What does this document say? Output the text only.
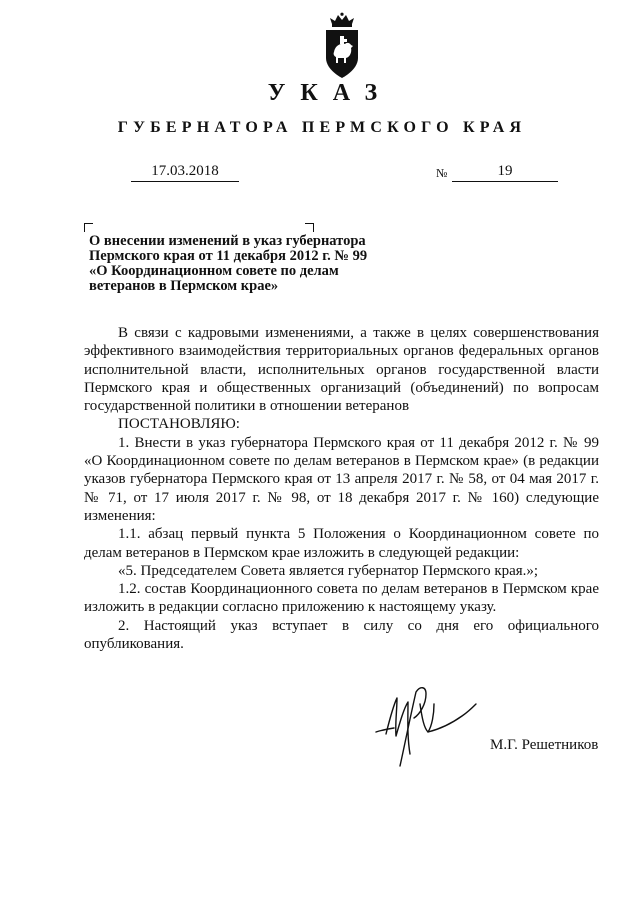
УКАЗ
ГУБЕРНАТОРА ПЕРМСКОГО КРАЯ
17.03.2018	№	19
О внесении изменений в указ губернатора
Пермского края от 11 декабря 2012 г. № 99
«О Координационном совете по делам
ветеранов в Пермском крае»

В связи с кадровыми изменениями, а также в целях совершенствования эффективного взаимодействия территориальных органов федеральных органов исполнительной власти, исполнительных органов государственной власти Пермского края и общественных организаций (объединений) по вопросам государственной политики в отношении ветеранов

ПОСТАНОВЛЯЮ:

1. Внести в указ губернатора Пермского края от 11 декабря 2012 г. № 99 «О Координационном совете по делам ветеранов в Пермском крае» (в редакции указов губернатора Пермского края от 13 апреля 2017 г. № 58, от 04 мая 2017 г. № 71, от 17 июля 2017 г. № 98, от 18 декабря 2017 г. № 160) следующие изменения:

1.1. абзац первый пункта 5 Положения о Координационном совете по делам ветеранов в Пермском крае изложить в следующей редакции:

«5. Председателем Совета является губернатор Пермского края.»;

1.2. состав Координационного совета по делам ветеранов в Пермском крае изложить в редакции согласно приложению к настоящему указу.

2. Настоящий указ вступает в силу со дня его официального опубликования.

М.Г. Решетников
